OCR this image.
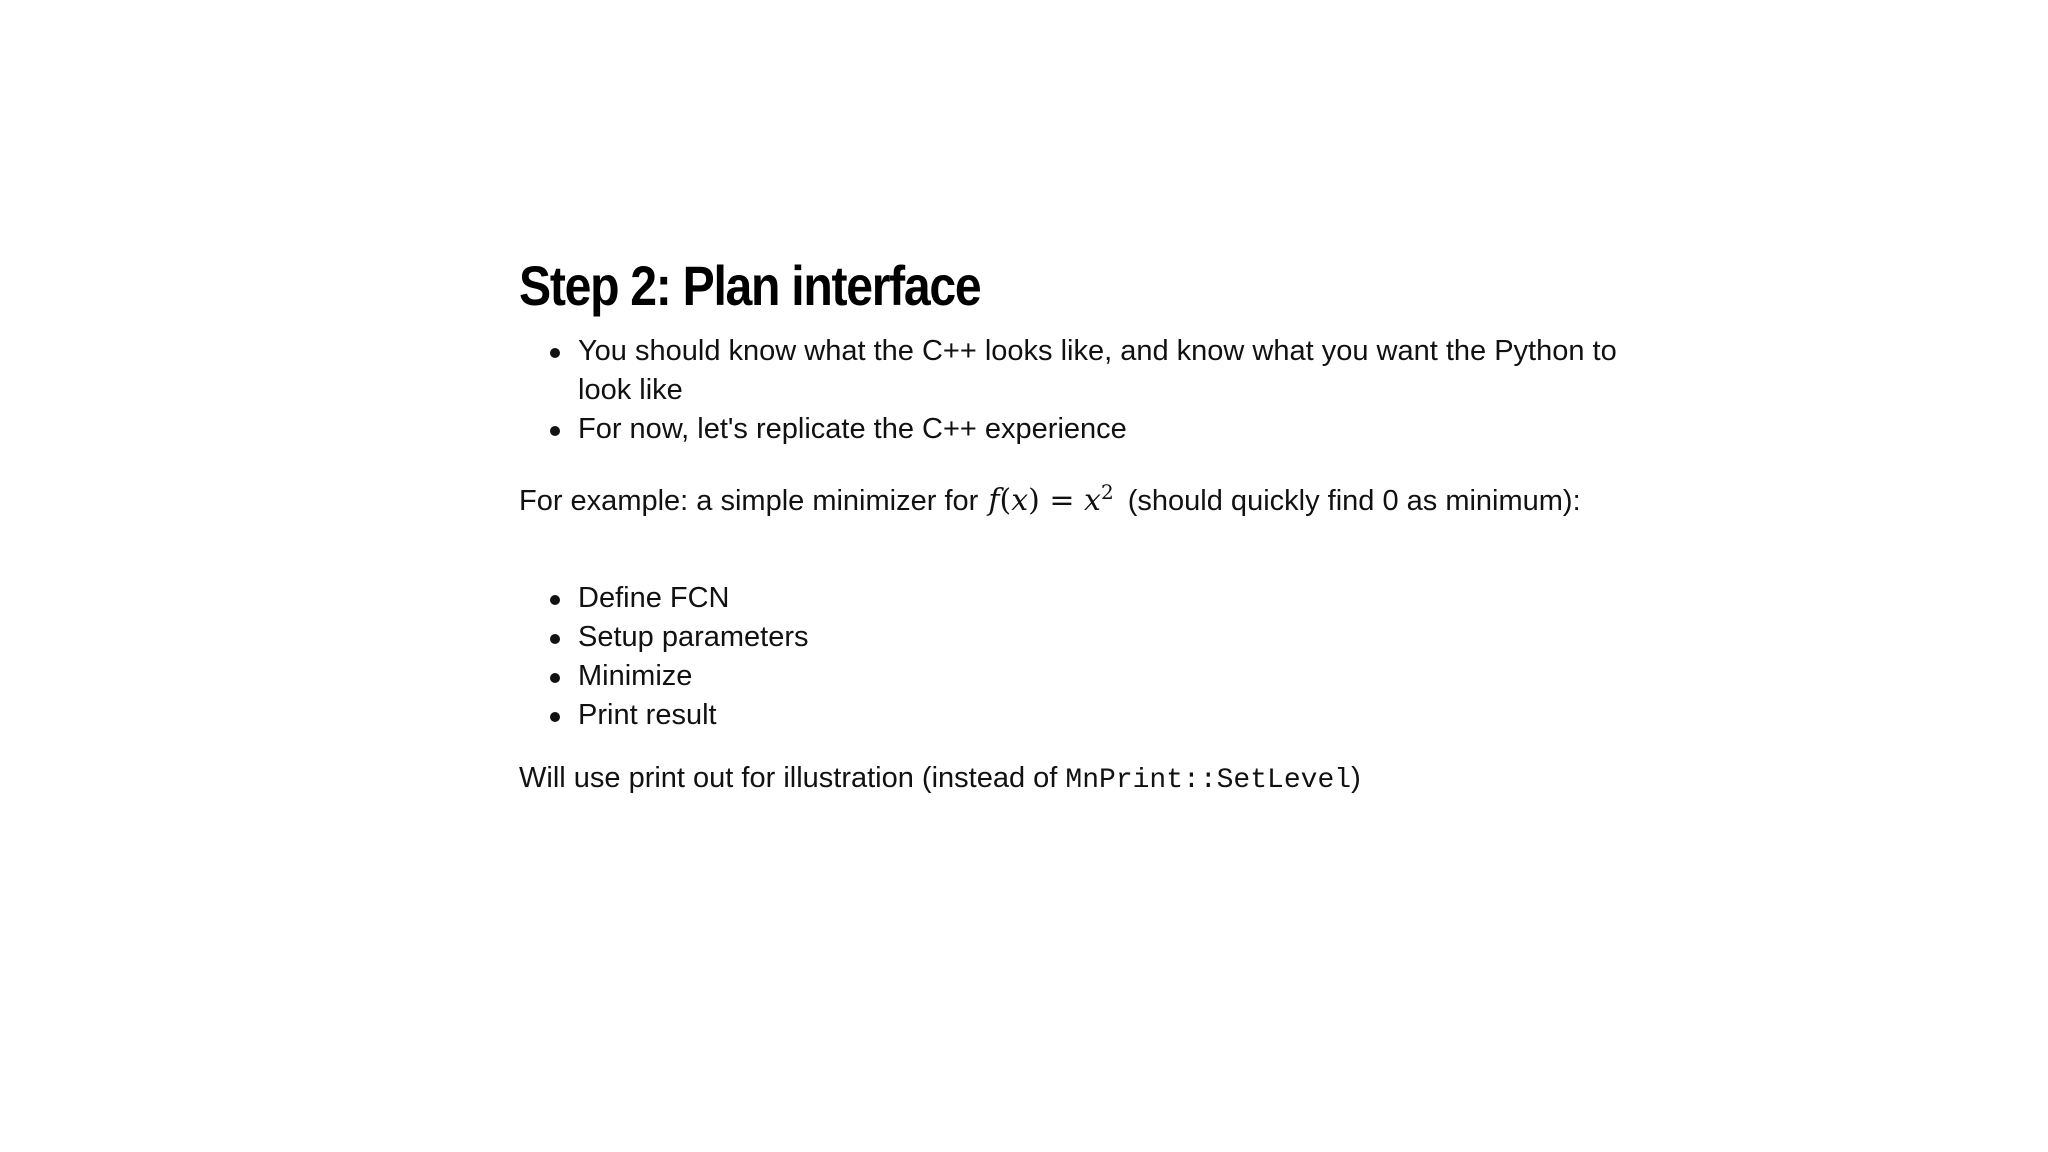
Step 2: Plan interface
You should know what the C++ looks like, and know what you want the Python to look like
For now, let's replicate the C++ experience

For example: a simple minimizer for $f(x) = x^2$ (should quickly find 0 as minimum):

Define FCN
Setup parameters
Minimize
Print result

Will use print out for illustration (instead of MnPrint::SetLevel)
